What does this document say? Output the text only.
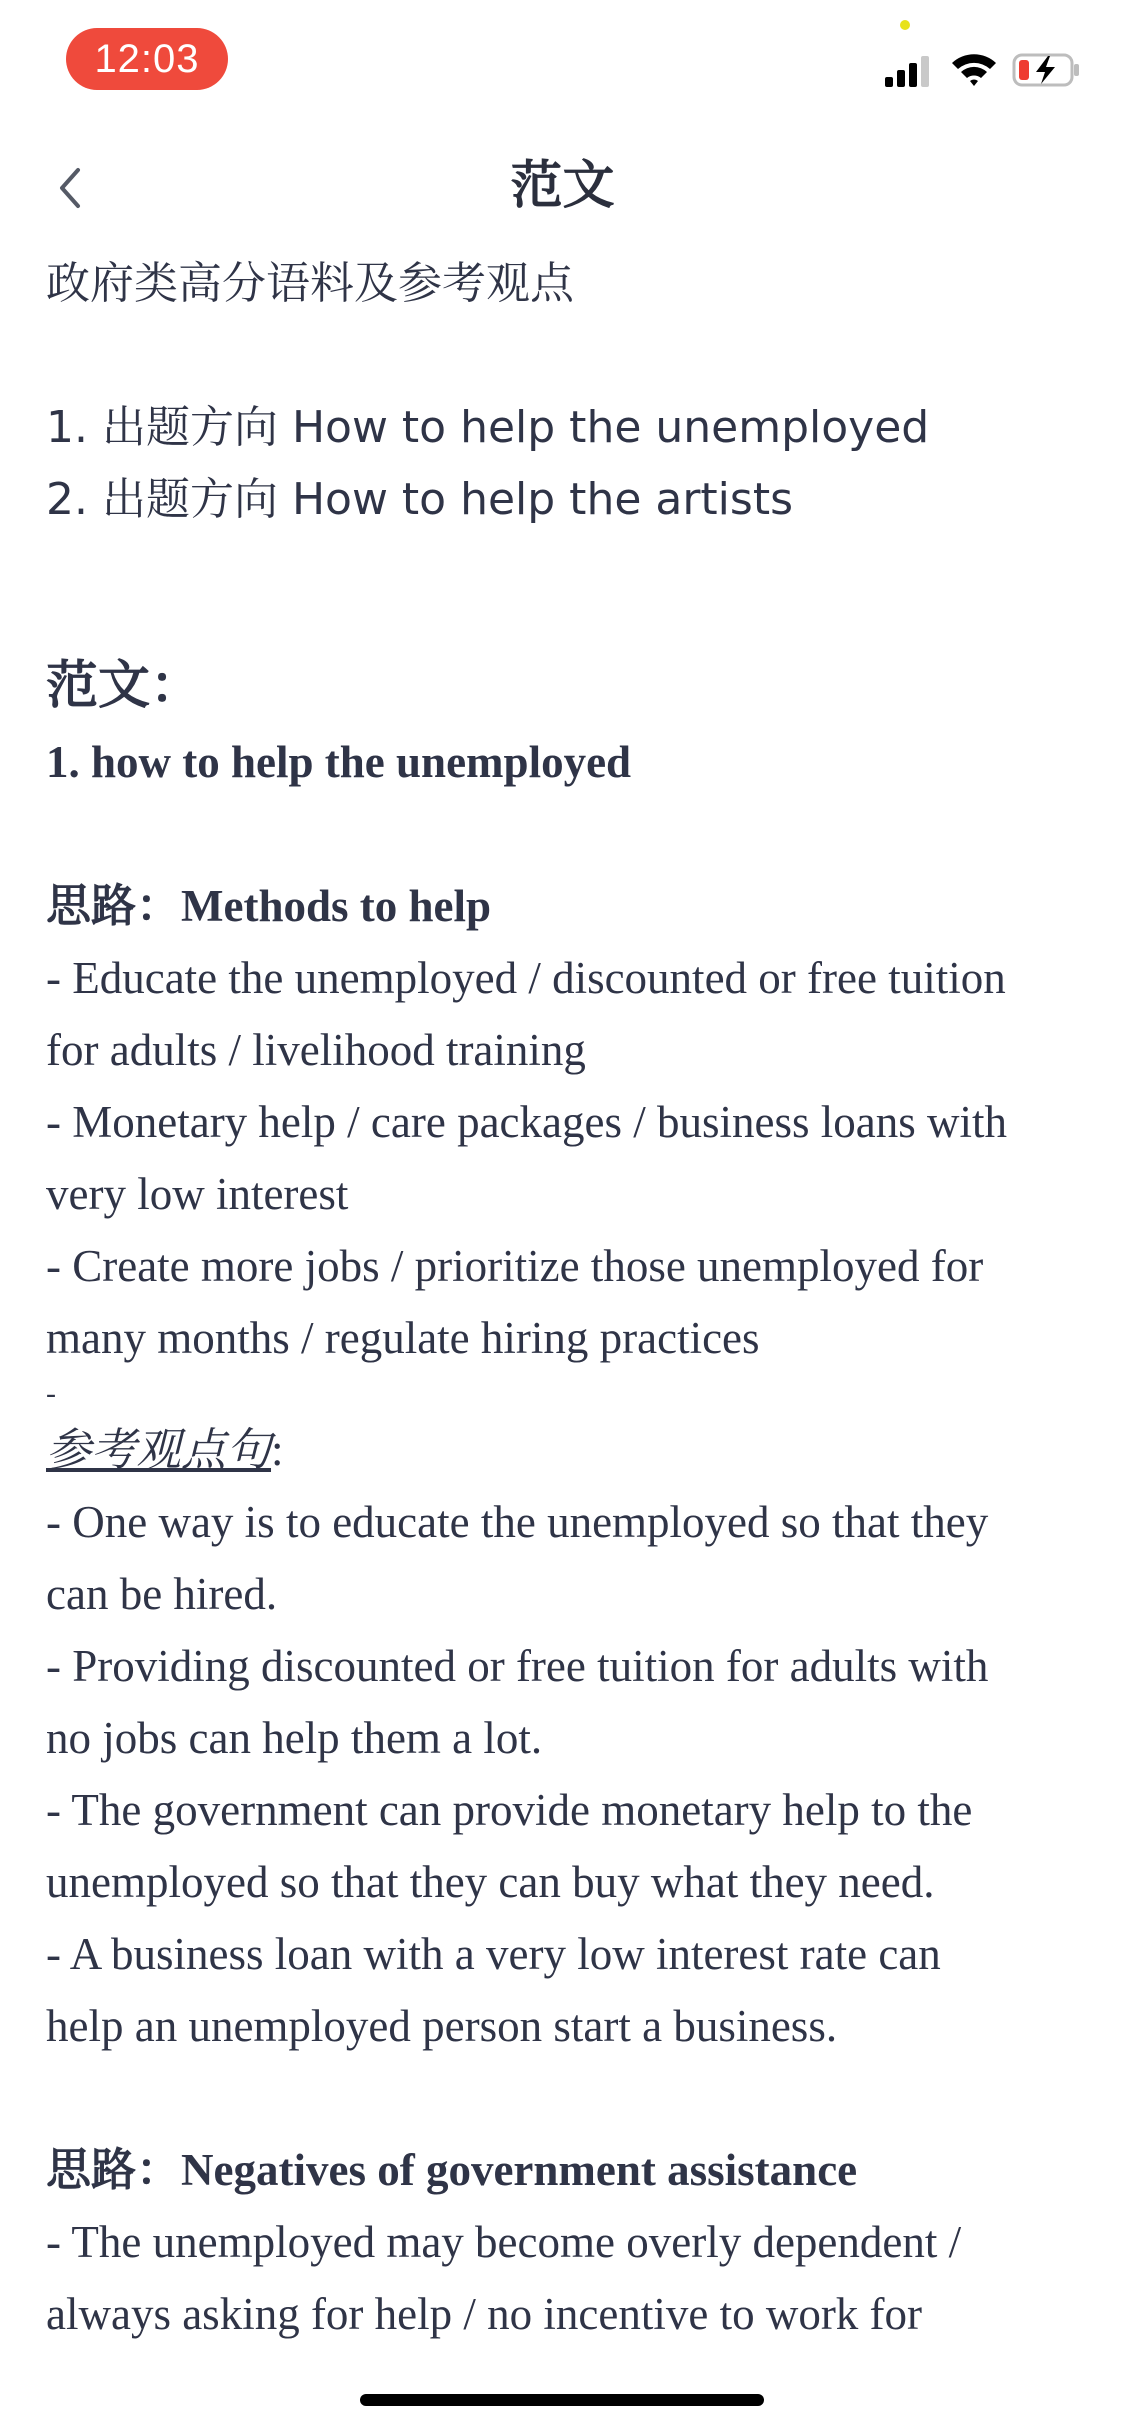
12:03
范文

政府类高分语料及参考观点

1. 出题方向 How to help the unemployed

2. 出题方向 How to help the artists

范文：

1. how to help the unemployed

思路：Methods to help

- Educate the unemployed / discounted or free tuition

for adults / livelihood training

- Monetary help / care packages / business loans with

very low interest

- Create more jobs / prioritize those unemployed for

many months / regulate hiring practices

-

参考观点句:

- One way is to educate the unemployed so that they

can be hired.

- Providing discounted or free tuition for adults with

no jobs can help them a lot.

- The government can provide monetary help to the

unemployed so that they can buy what they need.

- A business loan with a very low interest rate can

help an unemployed person start a business.

思路：Negatives of government assistance

- The unemployed may become overly dependent /

always asking for help / no incentive to work for
